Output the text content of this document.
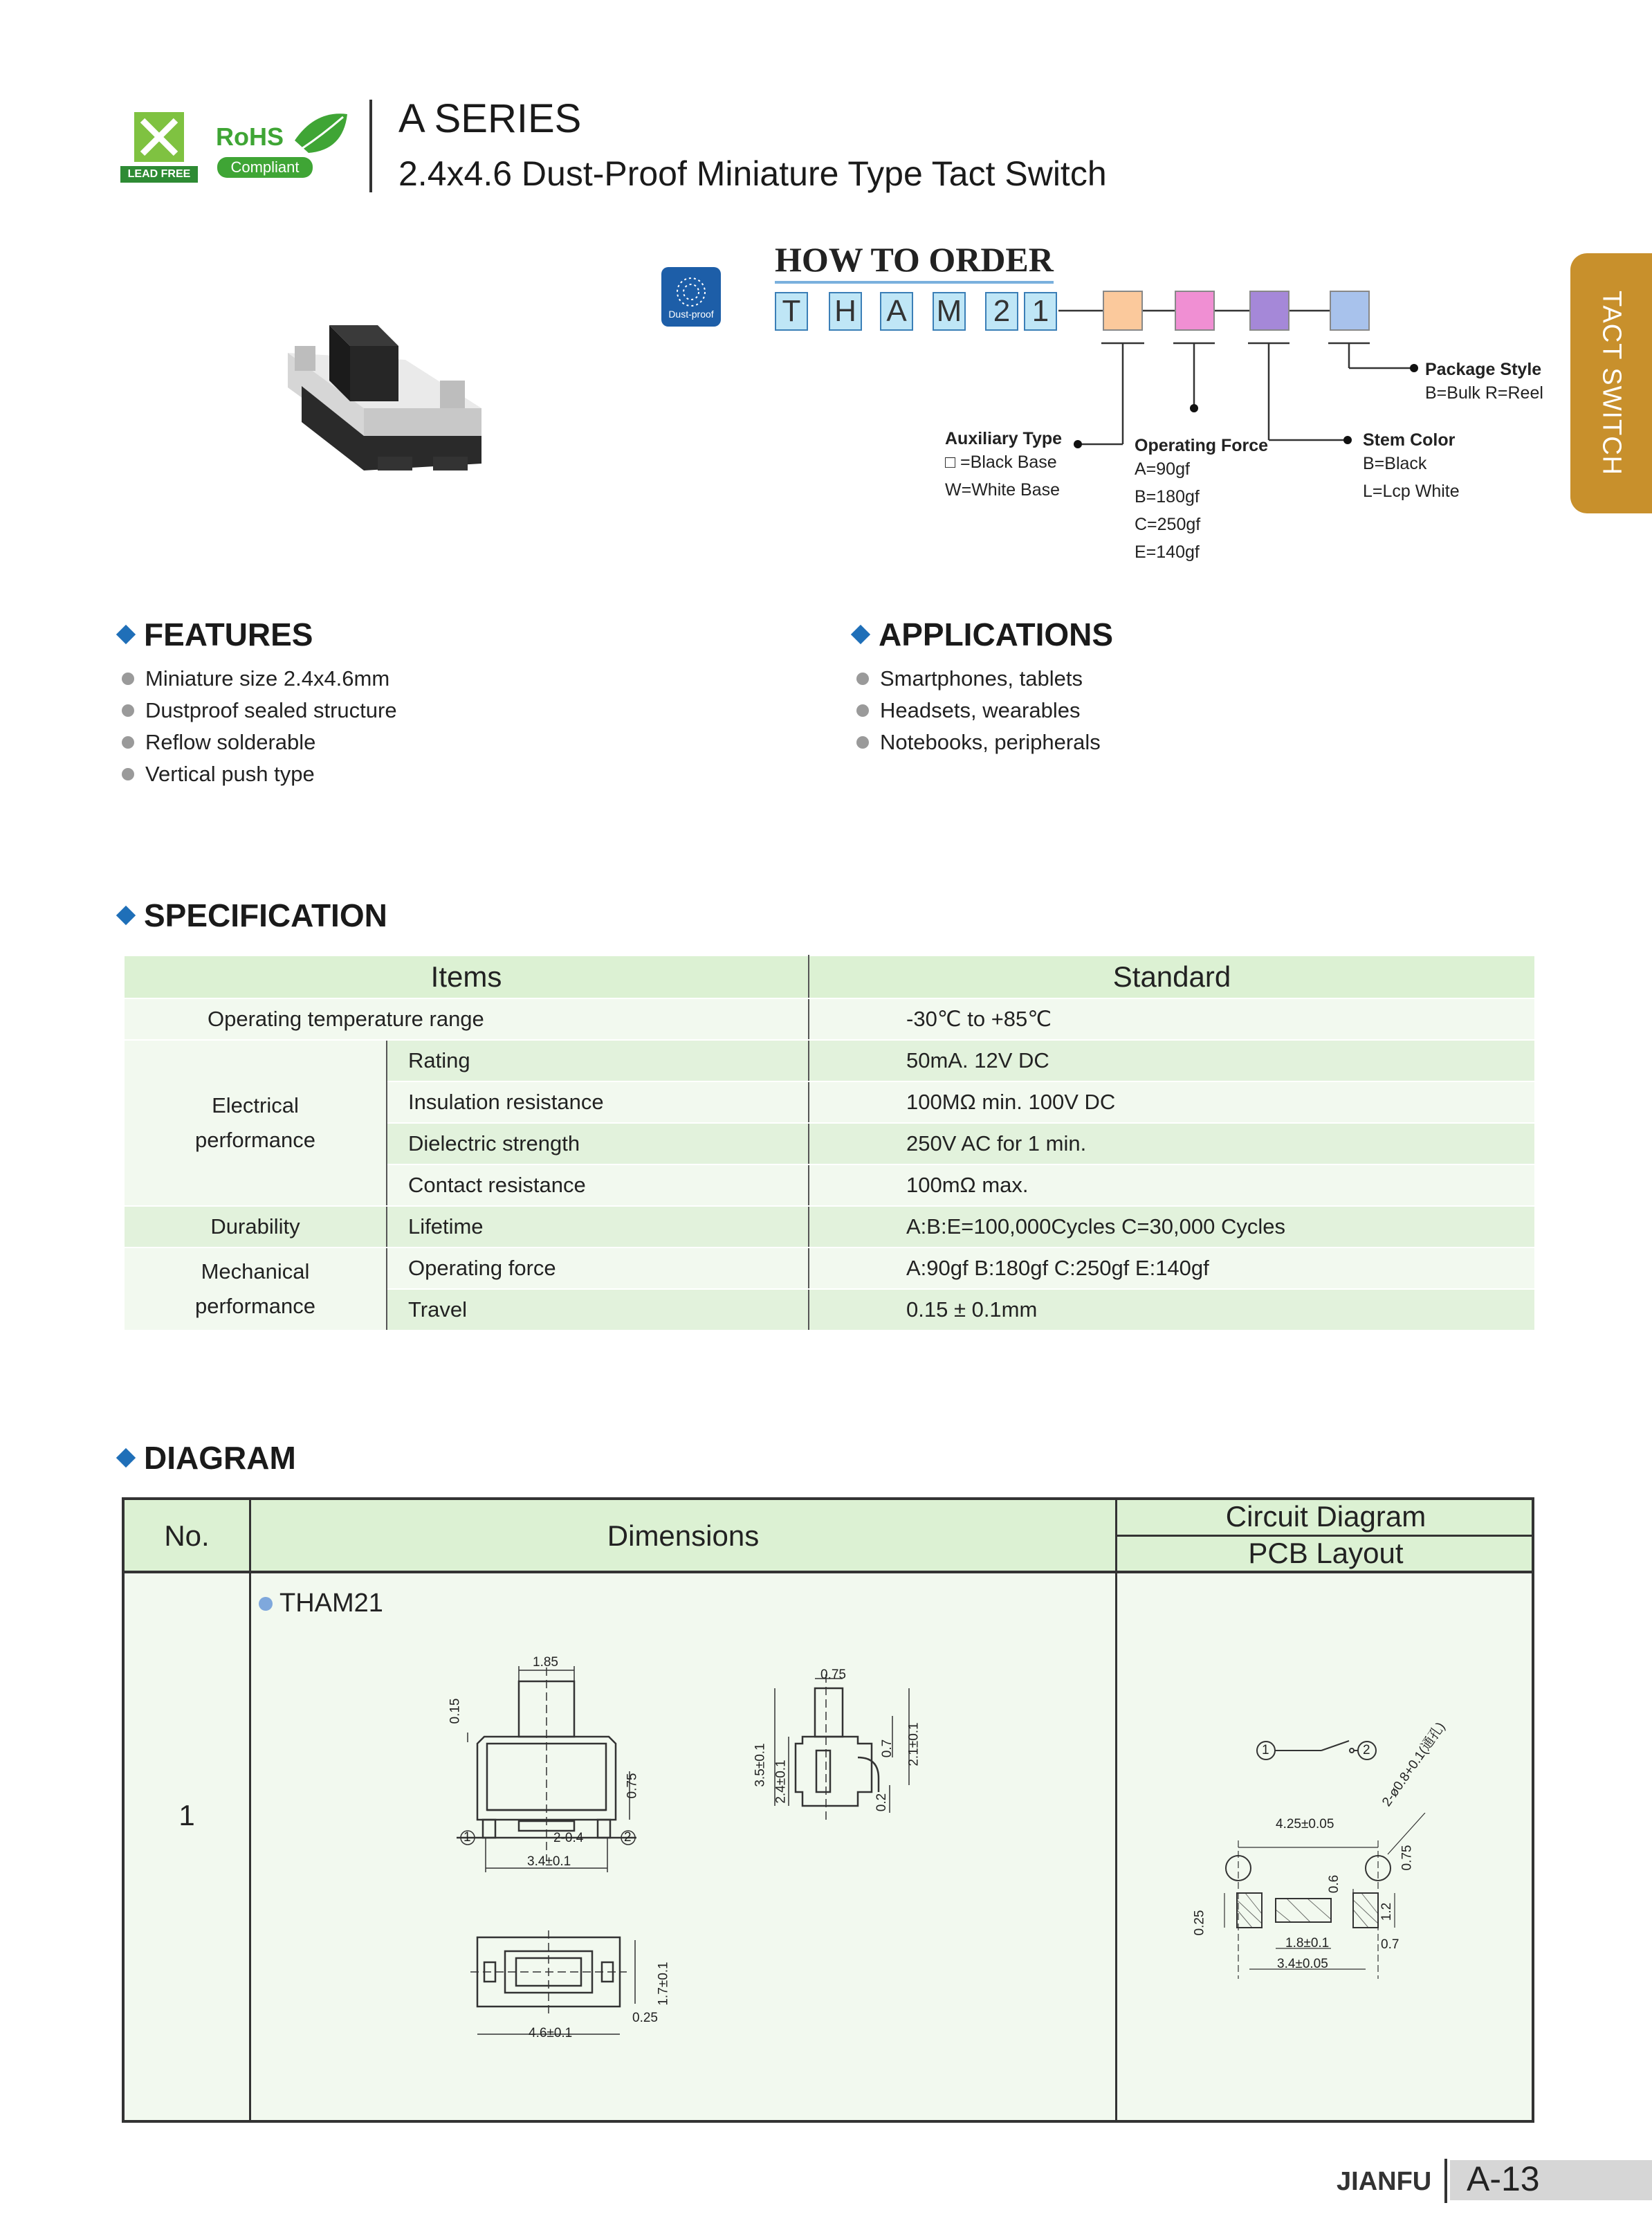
LEAD FREE
RoHS
Compliant
A SERIES
2.4x4.6 Dust-Proof Miniature Type Tact Switch
TACT SWITCH
Dust-proof
HOW TO ORDER
T H A M 2 1
Package Style
B=Bulk R=Reel
Auxiliary Type
□ =Black Base
W=White Base
Operating Force
A=90gf
B=180gf
C=250gf
E=140gf
Stem Color
B=Black
L=Lcp White
FEATURES
Miniature size 2.4x4.6mm
Dustproof sealed structure
Reflow solderable
Vertical push type
APPLICATIONS
Smartphones, tablets
Headsets, wearables
Notebooks, peripherals
SPECIFICATION
Items		Standard
Operating temperature range		-30℃ to +85℃
Electrical
performance	Rating	50mA. 12V DC
	Insulation resistance	100MΩ min. 100V DC
	Dielectric strength	250V AC for 1 min.
	Contact resistance	100mΩ max.
Durability	Lifetime	A:B:E=100,000Cycles C=30,000 Cycles
Mechanical
performance	Operating force	A:90gf B:180gf C:250gf E:140gf
	Travel	0.15 ± 0.1mm
DIAGRAM
No.	Dimensions
Circuit Diagram
PCB Layout
1
THAM21
1.85
0.15
0.75
1	2
2-0.4
3.4±0.1
0.75
3.5±0.1 2.4±0.1
0.7 2.1±0.1
0.2
1.7±0.1
0.25
4.6±0.1
1	2
4.25±0.05
2-ø0.8+0.1(通孔)
0.75
0.6
0.25	1.2
1.8±0.1	0.7
3.4±0.05
JIANFU A-13
